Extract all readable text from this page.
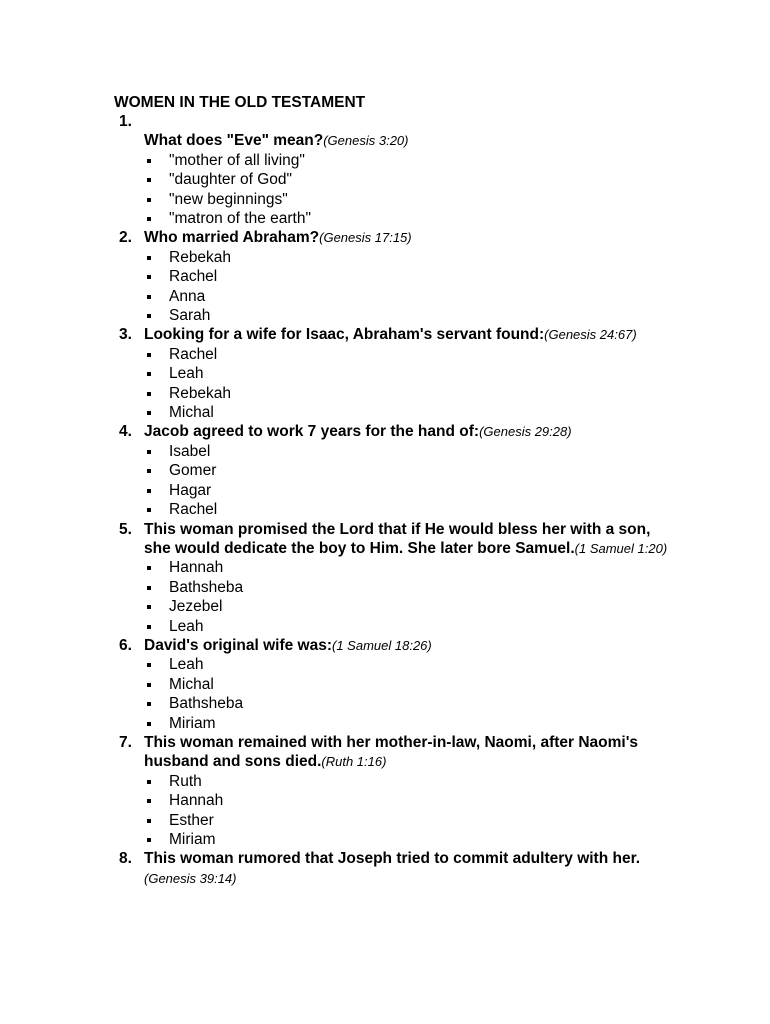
WOMEN IN THE OLD TESTAMENT
1.
What does "Eve" mean?(Genesis 3:20)
"mother of all living"
"daughter of God"
"new beginnings"
"matron of the earth"
2. Who married Abraham?(Genesis 17:15)
Rebekah
Rachel
Anna
Sarah
3. Looking for a wife for Isaac, Abraham's servant found:(Genesis 24:67)
Rachel
Leah
Rebekah
Michal
4. Jacob agreed to work 7 years for the hand of:(Genesis 29:28)
Isabel
Gomer
Hagar
Rachel
5. This woman promised the Lord that if He would bless her with a son, she would dedicate the boy to Him. She later bore Samuel.(1 Samuel 1:20)
Hannah
Bathsheba
Jezebel
Leah
6. David's original wife was:(1 Samuel 18:26)
Leah
Michal
Bathsheba
Miriam
7. This woman remained with her mother-in-law, Naomi, after Naomi's husband and sons died.(Ruth 1:16)
Ruth
Hannah
Esther
Miriam
8. This woman rumored that Joseph tried to commit adultery with her.(Genesis 39:14)
